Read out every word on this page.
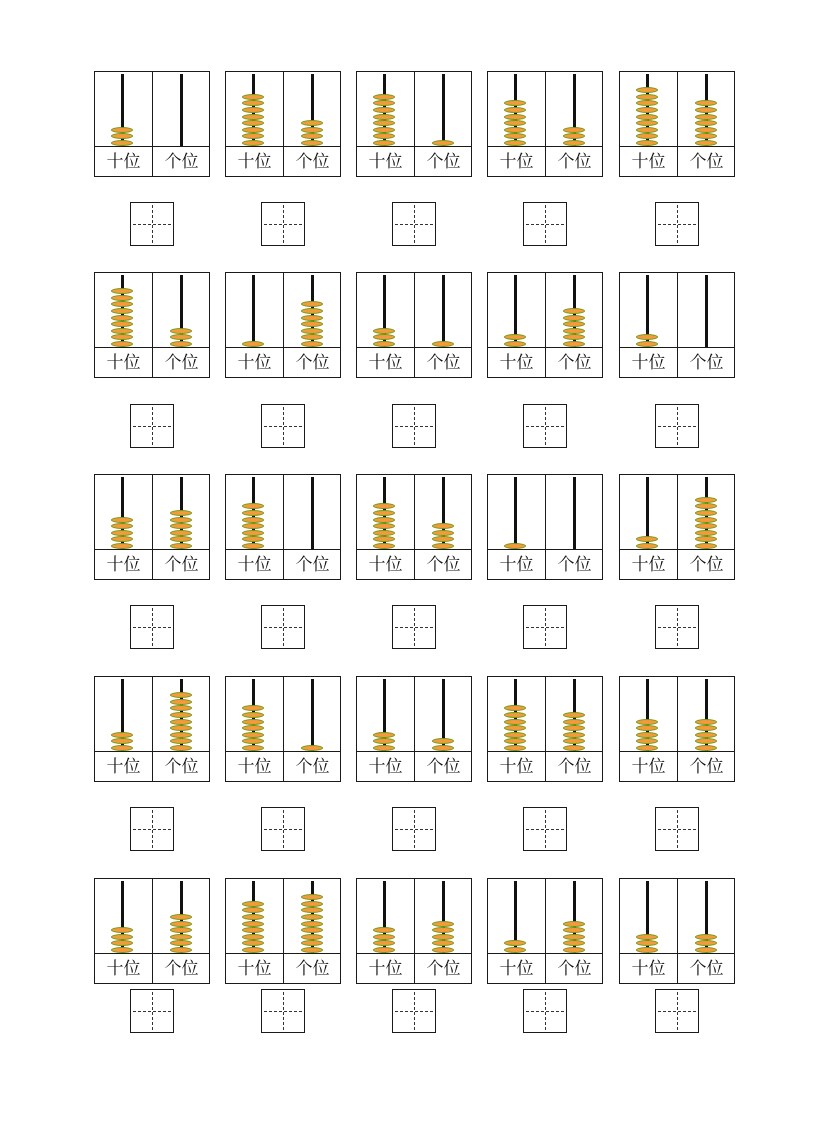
十位	个位	十位	个位	十位	个位	十位	个位	十位	个位
十位	个位	十位	个位	十位	个位	十位	个位	十位	个位
十位	个位	十位	个位	十位	个位	十位	个位	十位	个位
十位	个位	十位	个位	十位	个位	十位	个位	十位	个位
十位	个位	十位	个位	十位	个位	十位	个位	十位	个位
